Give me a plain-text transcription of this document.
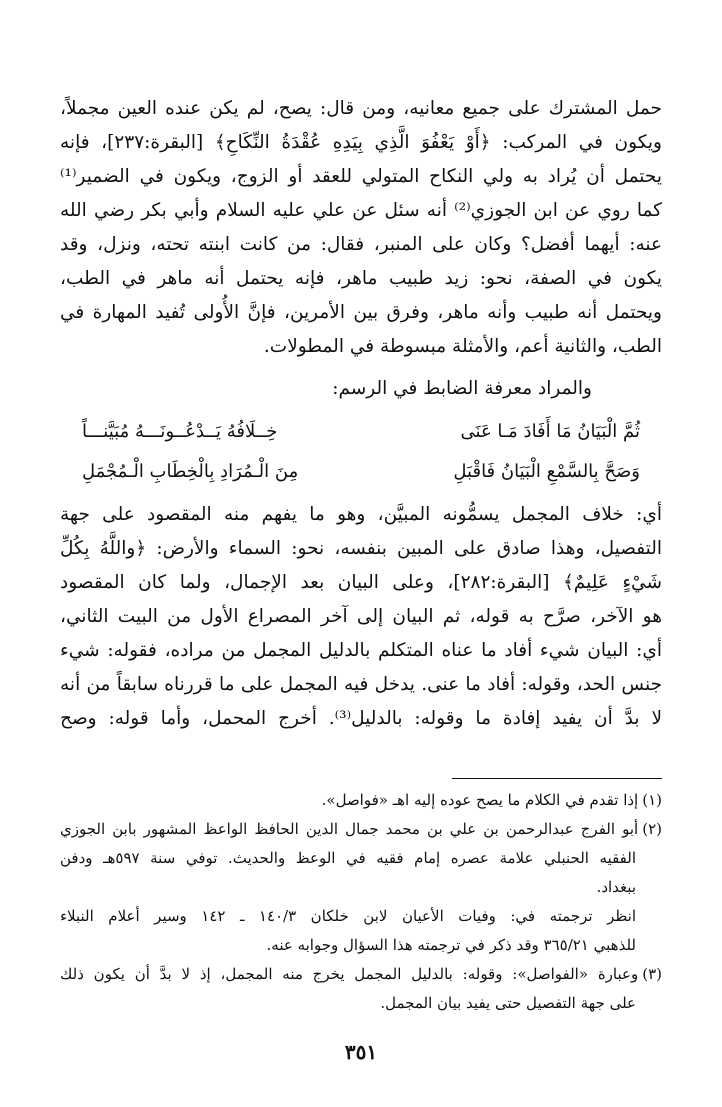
حمل المشترك على جميع معانيه، ومن قال: يصح، لم يكن عنده العين مجملاً،

ويكون في المركب: ﴿أَوْ يَعْفُوَ الَّذِي بِيَدِهِ عُقْدَةُ النِّكَاحِ﴾ [البقرة:٢٣٧]، فإنه

يحتمل أن يُراد به ولي النكاح المتولي للعقد أو الزوج، ويكون في الضمير⁽¹⁾

كما روي عن ابن الجوزي⁽²⁾ أنه سئل عن علي عليه السلام وأبي بكر رضي الله

عنه: أيهما أفضل؟ وكان على المنبر، فقال: من كانت ابنته تحته، ونزل، وقد

يكون في الصفة، نحو: زيد طبيب ماهر، فإنه يحتمل أنه ماهر في الطب،

ويحتمل أنه طبيب وأنه ماهر، وفرق بين الأمرين، فإنَّ الأُولى تُفيد المهارة في

الطب، والثانية أعم، والأمثلة مبسوطة في المطولات.

والمراد معرفة الضابط في الرسم:
ثُمَّ الْبَيَانُ مَا أَفَادَ مَـا عَنَى
خِــلَافُهُ يَــدْعُــونَـــهُ مُبَيَّنـــاً
وَصَحَّ بِالسَّمْعِ الْبَيَانُ فَاقْبَلِ
مِنَ الْـمُرَادِ بِالْخِطَابِ الْـمُجْمَلِ

أي: خلاف المجمل يسمُّونه المبيَّن، وهو ما يفهم منه المقصود على جهة

التفصيل، وهذا صادق على المبين بنفسه، نحو: السماء والأرض: ﴿واللَّهُ بِكُلِّ

شَيْءٍ عَلِيمٌ﴾ [البقرة:٢٨٢]، وعلى البيان بعد الإجمال، ولما كان المقصود

هو الآخر، صرَّح به قوله، ثم البيان إلى آخر المصراع الأول من البيت الثاني،

أي: البيان شيء أفاد ما عناه المتكلم بالدليل المجمل من مراده، فقوله: شيء

جنس الحد، وقوله: أفاد ما عنى. يدخل فيه المجمل على ما قررناه سابقاً من أنه

لا بدَّ أن يفيد إفادة ما وقوله: بالدليل⁽³⁾. أخرج المحمل، وأما قوله: وصح

(١)إذا تقدم في الكلام ما يصح عوده إليه اهـ «فواصل».
(٢)أبو الفرج عبدالرحمن بن علي بن محمد جمال الدين الحافظ الواعظ المشهور بابن الجوزي
الفقيه الحنبلي علامة عصره إمام فقيه في الوعظ والحديث. توفي سنة ٥٩٧هـ ودفن
ببغداد.
انظر ترجمته في: وفيات الأعيان لابن خلكان ١٤٠/٣ ـ ١٤٢ وسير أعلام النبلاء
للذهبي ٣٦٥/٢١ وقد ذكر في ترجمته هذا السؤال وجوابه عنه.
(٣)وعبارة «الفواصل»: وقوله: بالدليل المجمل يخرج منه المجمل، إذ لا بدَّ أن يكون ذلك
على جهة التفصيل حتى يفيد بيان المجمل.
٣٥١
